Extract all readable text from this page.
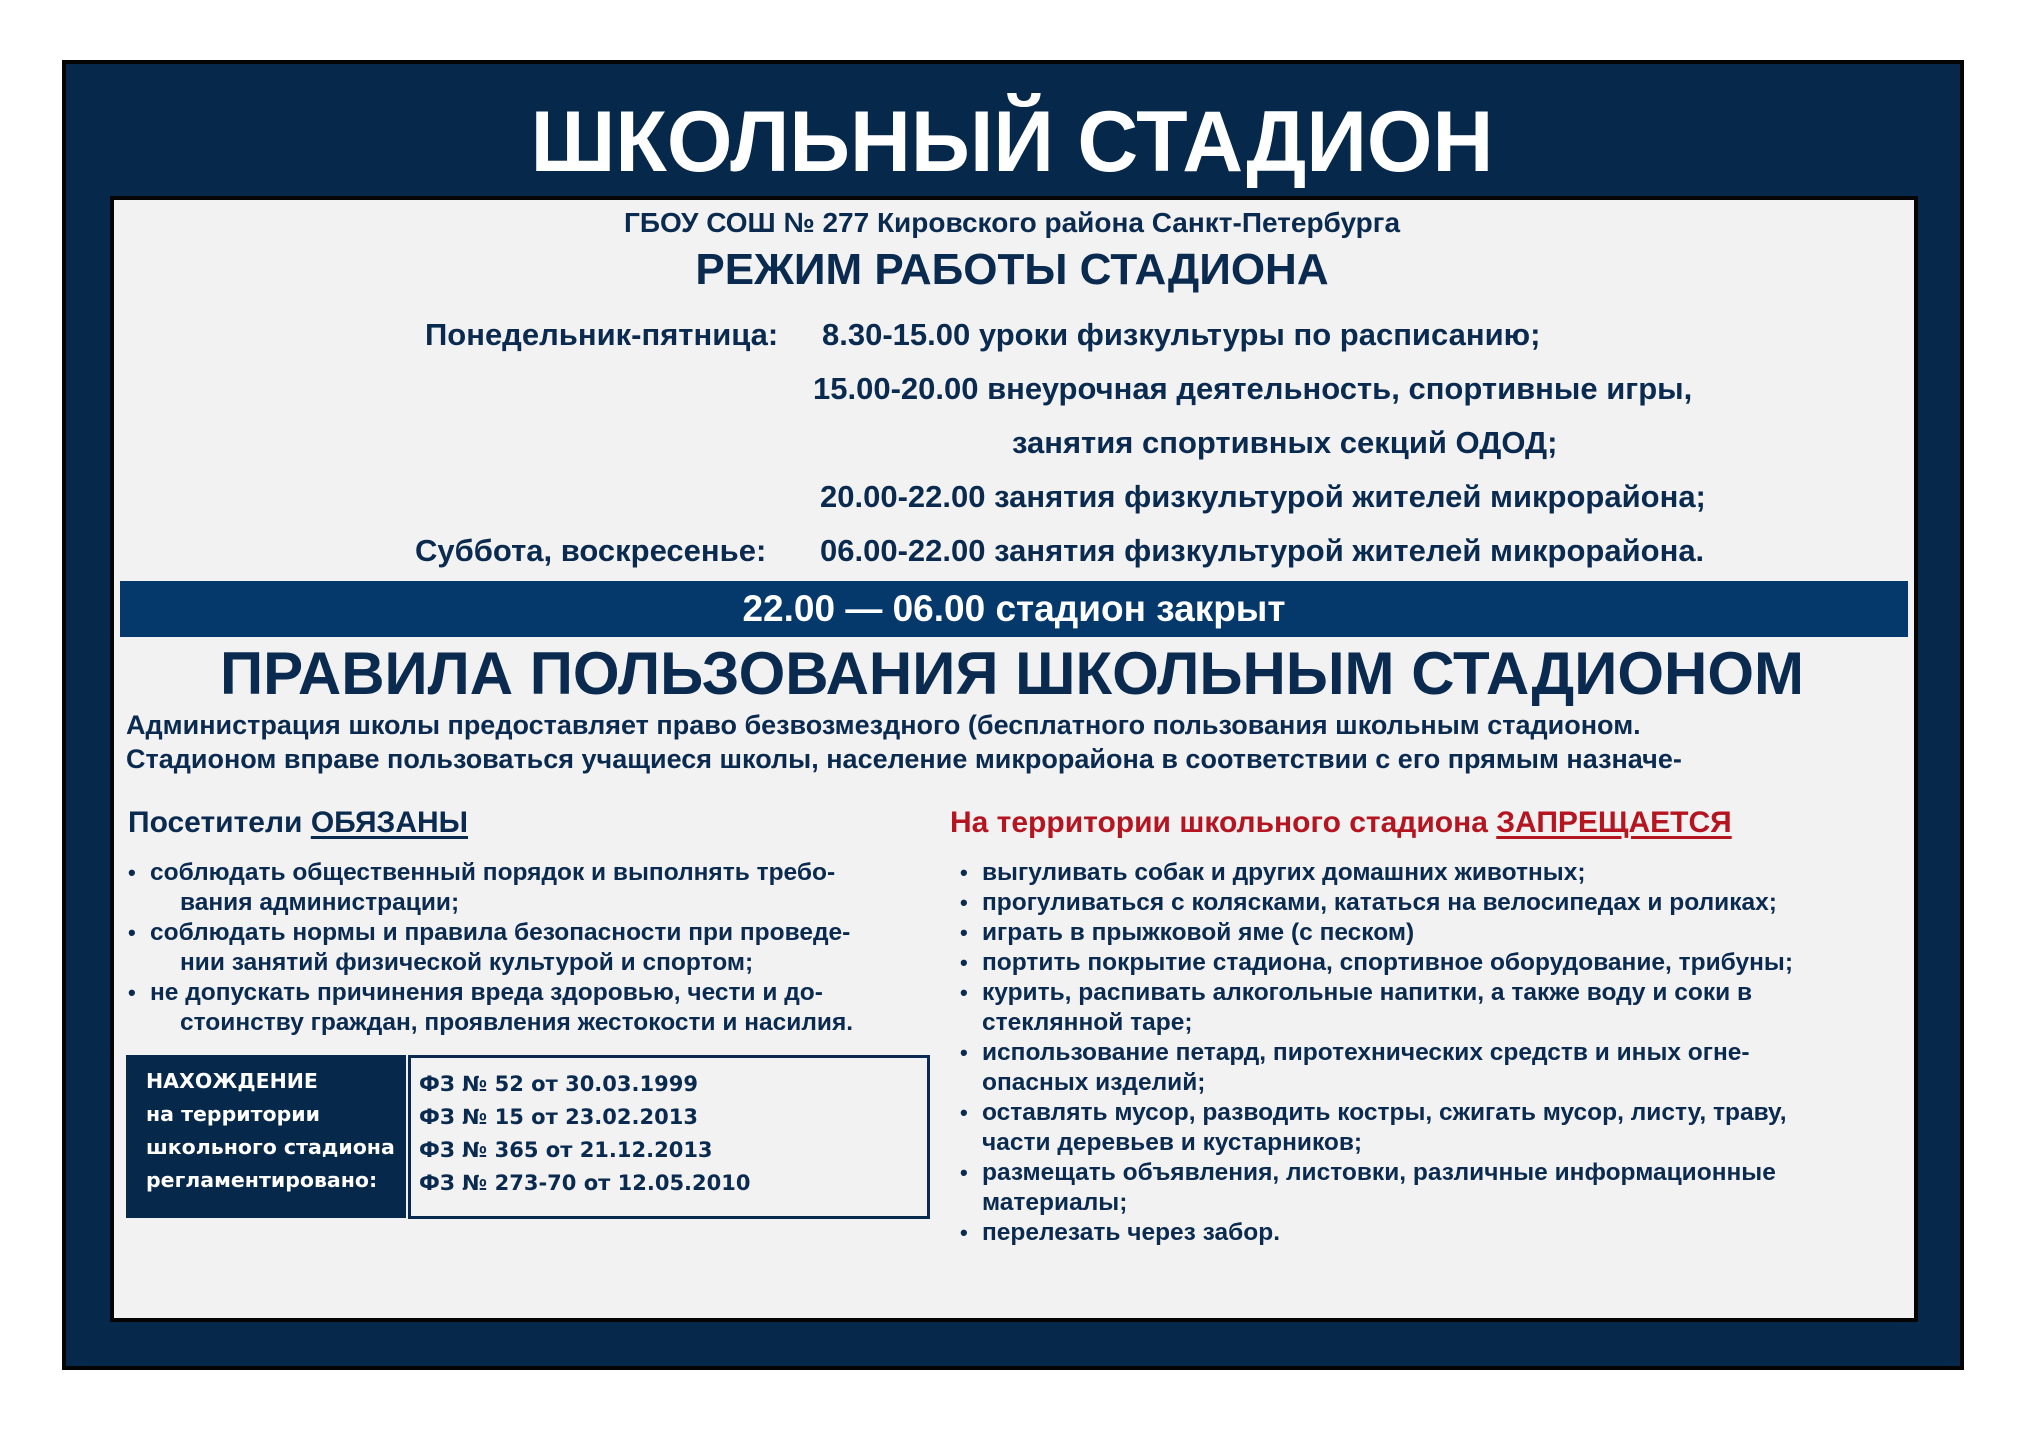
ШКОЛЬНЫЙ СТАДИОН
ГБОУ СОШ № 277 Кировского района Санкт-Петербурга
РЕЖИМ РАБОТЫ СТАДИОНА
Понедельник-пятница: 8.30-15.00 уроки физкультуры по расписанию;
15.00-20.00 внеурочная деятельность, спортивные игры,
занятия спортивных секций ОДОД;
20.00-22.00 занятия физкультурой жителей микрорайона;
Суббота, воскресенье: 06.00-22.00 занятия физкультурой жителей микрорайона.
22.00 — 06.00 стадион закрыт
ПРАВИЛА ПОЛЬЗОВАНИЯ ШКОЛЬНЫМ СТАДИОНОМ
Администрация школы предоставляет право безвозмездного (бесплатного пользования школьным стадионом.
Стадионом вправе пользоваться учащиеся школы, население микрорайона в соответствии с его прямым назначе-
Посетители ОБЯЗАНЫ
• соблюдать общественный порядок и выполнять требо-
вания администрации;
• соблюдать нормы и правила безопасности при проведе-
нии занятий физической культурой и спортом;
• не допускать причинения вреда здоровью, чести и до-
стоинству граждан, проявления жестокости и насилия.
НАХОЖДЕНИЕ
на территории
школьного стадиона
регламентировано:
ФЗ № 52 от 30.03.1999
ФЗ № 15 от 23.02.2013
ФЗ № 365 от 21.12.2013
ФЗ № 273-70 от 12.05.2010
На территории школьного стадиона ЗАПРЕЩАЕТСЯ
• выгуливать собак и других домашних животных;
• прогуливаться с колясками, кататься на велосипедах и роликах;
• играть в прыжковой яме (с песком)
• портить покрытие стадиона, спортивное оборудование, трибуны;
• курить, распивать алкогольные напитки, а также воду и соки в
стеклянной таре;
• использование петард, пиротехнических средств и иных огне-
опасных изделий;
• оставлять мусор, разводить костры, сжигать мусор, листу, траву,
части деревьев и кустарников;
• размещать объявления, листовки, различные информационные
материалы;
• перелезать через забор.
